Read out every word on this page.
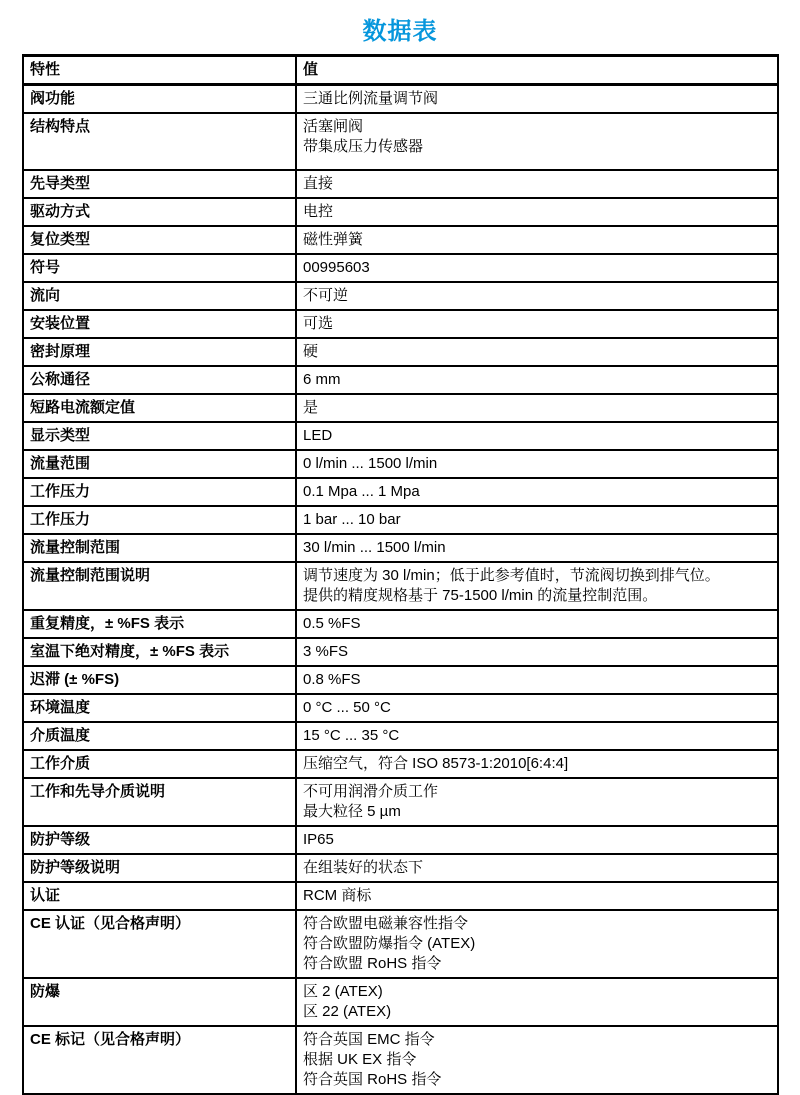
数据表
特性	值
阀功能	三通比例流量调节阀

结构特点	活塞闸阀
带集成压力传感器

先导类型	直接

驱动方式	电控

复位类型	磁性弹簧

符号	00995603

流向	不可逆

安装位置	可选

密封原理	硬

公称通径	6 mm

短路电流额定值	是

显示类型	LED

流量范围	0 l/min ... 1500 l/min

工作压力	0.1 Mpa ... 1 Mpa

工作压力	1 bar ... 10 bar

流量控制范围	30 l/min ... 1500 l/min

流量控制范围说明	调节速度为 30 l/min；低于此参考值时，节流阀切换到排气位。
提供的精度规格基于 75-1500 l/min 的流量控制范围。

重复精度，± %FS 表示	0.5 %FS

室温下绝对精度，± %FS 表示	3 %FS

迟滞 (± %FS)	0.8 %FS

环境温度	0 °C ... 50 °C

介质温度	15 °C ... 35 °C

工作介质	压缩空气，符合 ISO 8573-1:2010[6:4:4]

工作和先导介质说明	不可用润滑介质工作
最大粒径 5 µm

防护等级	IP65

防护等级说明	在组装好的状态下

认证	RCM 商标

CE 认证（见合格声明）	符合欧盟电磁兼容性指令
符合欧盟防爆指令 (ATEX)
符合欧盟 RoHS 指令

防爆	区 2 (ATEX)
区 22 (ATEX)

CE 标记（见合格声明）	符合英国 EMC 指令
根据 UK EX 指令
符合英国 RoHS 指令
